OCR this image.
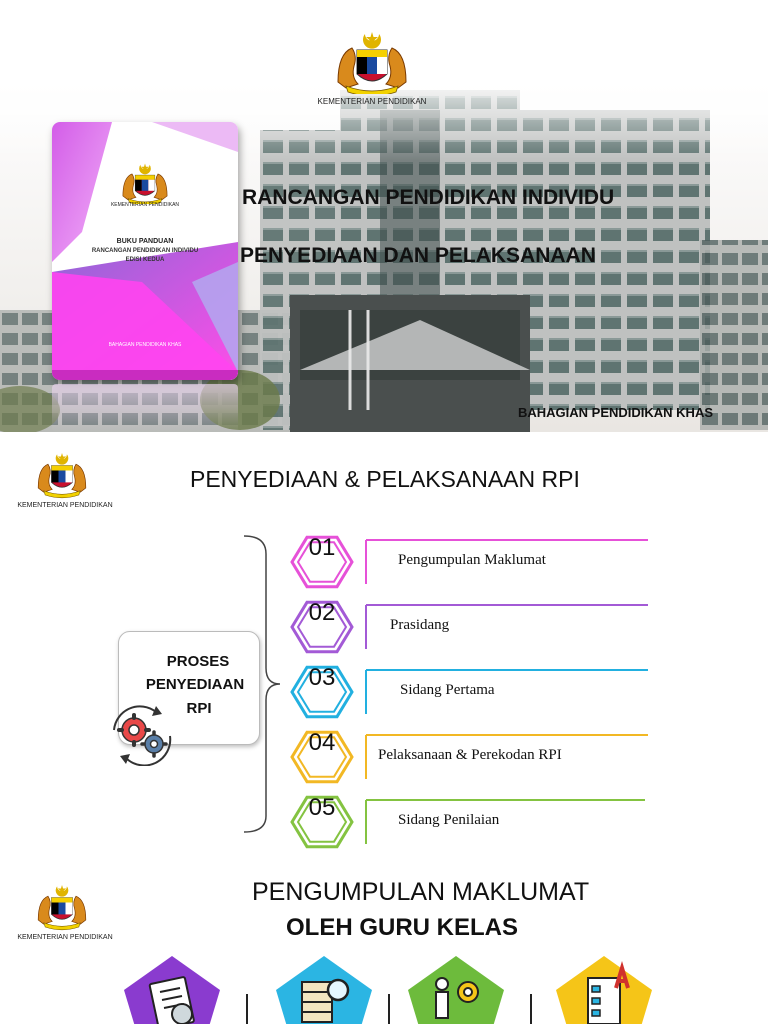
KEMENTERIAN PENDIDIKAN
KEMENTERIAN PENDIDIKAN
BUKU PANDUAN
RANCANGAN PENDIDIKAN INDIVIDU
EDISI KEDUA
BAHAGIAN PENDIDIKAN KHAS
RANCANGAN PENDIDIKAN INDIVIDU
PENYEDIAAN DAN PELAKSANAAN
BAHAGIAN PENDIDIKAN KHAS
KEMENTERIAN PENDIDIKAN
PENYEDIAAN & PELAKSANAAN RPI
PROSES
PENYEDIAAN
RPI
01	Pengumpulan Maklumat
02	Prasidang
03	Sidang Pertama
04	Pelaksanaan & Perekodan RPI
05	Sidang Penilaian
KEMENTERIAN PENDIDIKAN
PENGUMPULAN MAKLUMAT
OLEH GURU KELAS
